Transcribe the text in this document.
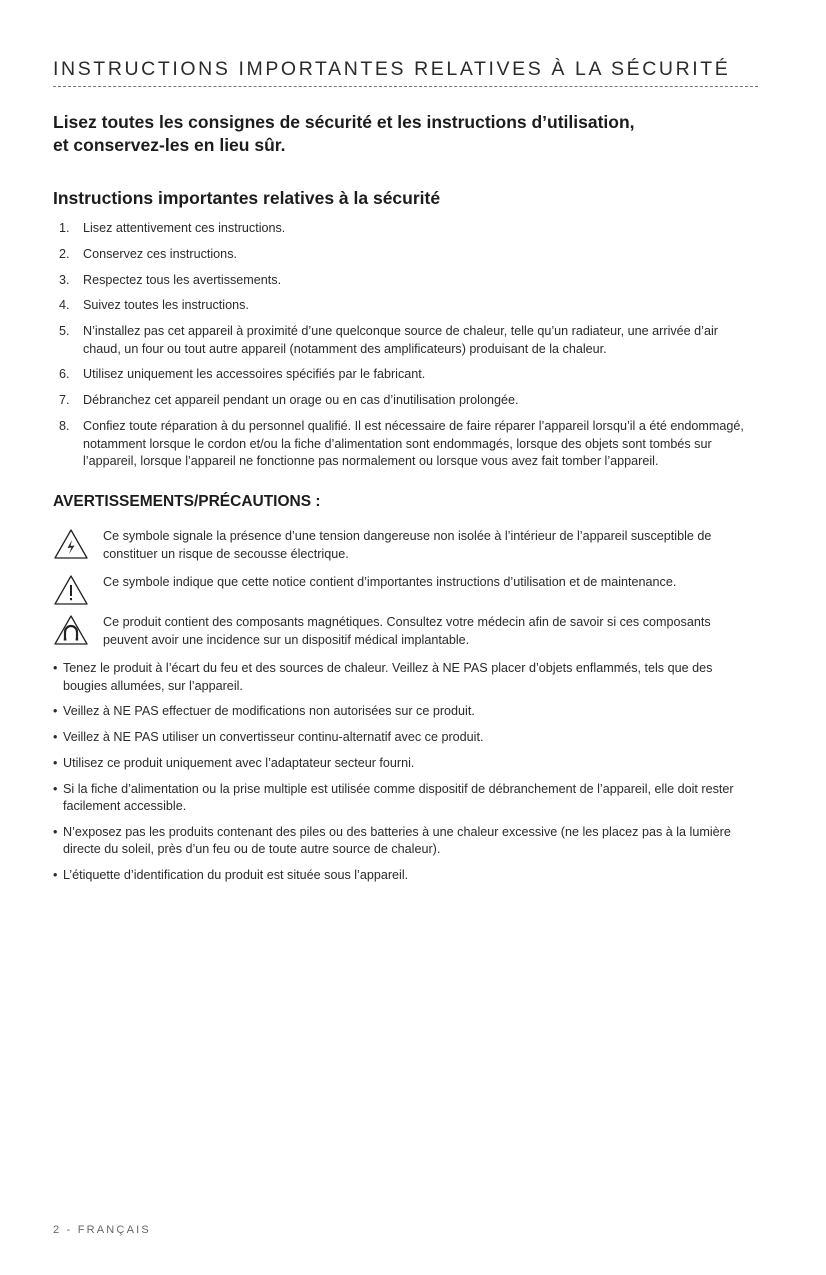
INSTRUCTIONS IMPORTANTES RELATIVES À LA SÉCURITÉ
Lisez toutes les consignes de sécurité et les instructions d’utilisation,
et conservez-les en lieu sûr.
Instructions importantes relatives à la sécurité
1. Lisez attentivement ces instructions.
2. Conservez ces instructions.
3. Respectez tous les avertissements.
4. Suivez toutes les instructions.
5. N’installez pas cet appareil à proximité d’une quelconque source de chaleur, telle qu’un radiateur, une arrivée d’air chaud, un four ou tout autre appareil (notamment des amplificateurs) produisant de la chaleur.
6. Utilisez uniquement les accessoires spécifiés par le fabricant.
7. Débranchez cet appareil pendant un orage ou en cas d’inutilisation prolongée.
8. Confiez toute réparation à du personnel qualifié. Il est nécessaire de faire réparer l’appareil lorsqu’il a été endommagé, notamment lorsque le cordon et/ou la fiche d’alimentation sont endommagés, lorsque des objets sont tombés sur l’appareil, lorsque l’appareil ne fonctionne pas normalement ou lorsque vous avez fait tomber l’appareil.
AVERTISSEMENTS/PRÉCAUTIONS :
Ce symbole signale la présence d’une tension dangereuse non isolée à l’intérieur de l’appareil susceptible de constituer un risque de secousse électrique.
Ce symbole indique que cette notice contient d’importantes instructions d’utilisation et de maintenance.
Ce produit contient des composants magnétiques. Consultez votre médecin afin de savoir si ces composants peuvent avoir une incidence sur un dispositif médical implantable.
• Tenez le produit à l’écart du feu et des sources de chaleur. Veillez à NE PAS placer d’objets enflammés, tels que des bougies allumées, sur l’appareil.
• Veillez à NE PAS effectuer de modifications non autorisées sur ce produit.
• Veillez à NE PAS utiliser un convertisseur continu-alternatif avec ce produit.
• Utilisez ce produit uniquement avec l’adaptateur secteur fourni.
• Si la fiche d’alimentation ou la prise multiple est utilisée comme dispositif de débranchement de l’appareil, elle doit rester facilement accessible.
• N’exposez pas les produits contenant des piles ou des batteries à une chaleur excessive (ne les placez pas à la lumière directe du soleil, près d’un feu ou de toute autre source de chaleur).
• L’étiquette d’identification du produit est située sous l’appareil.
2 - FRANÇAIS
